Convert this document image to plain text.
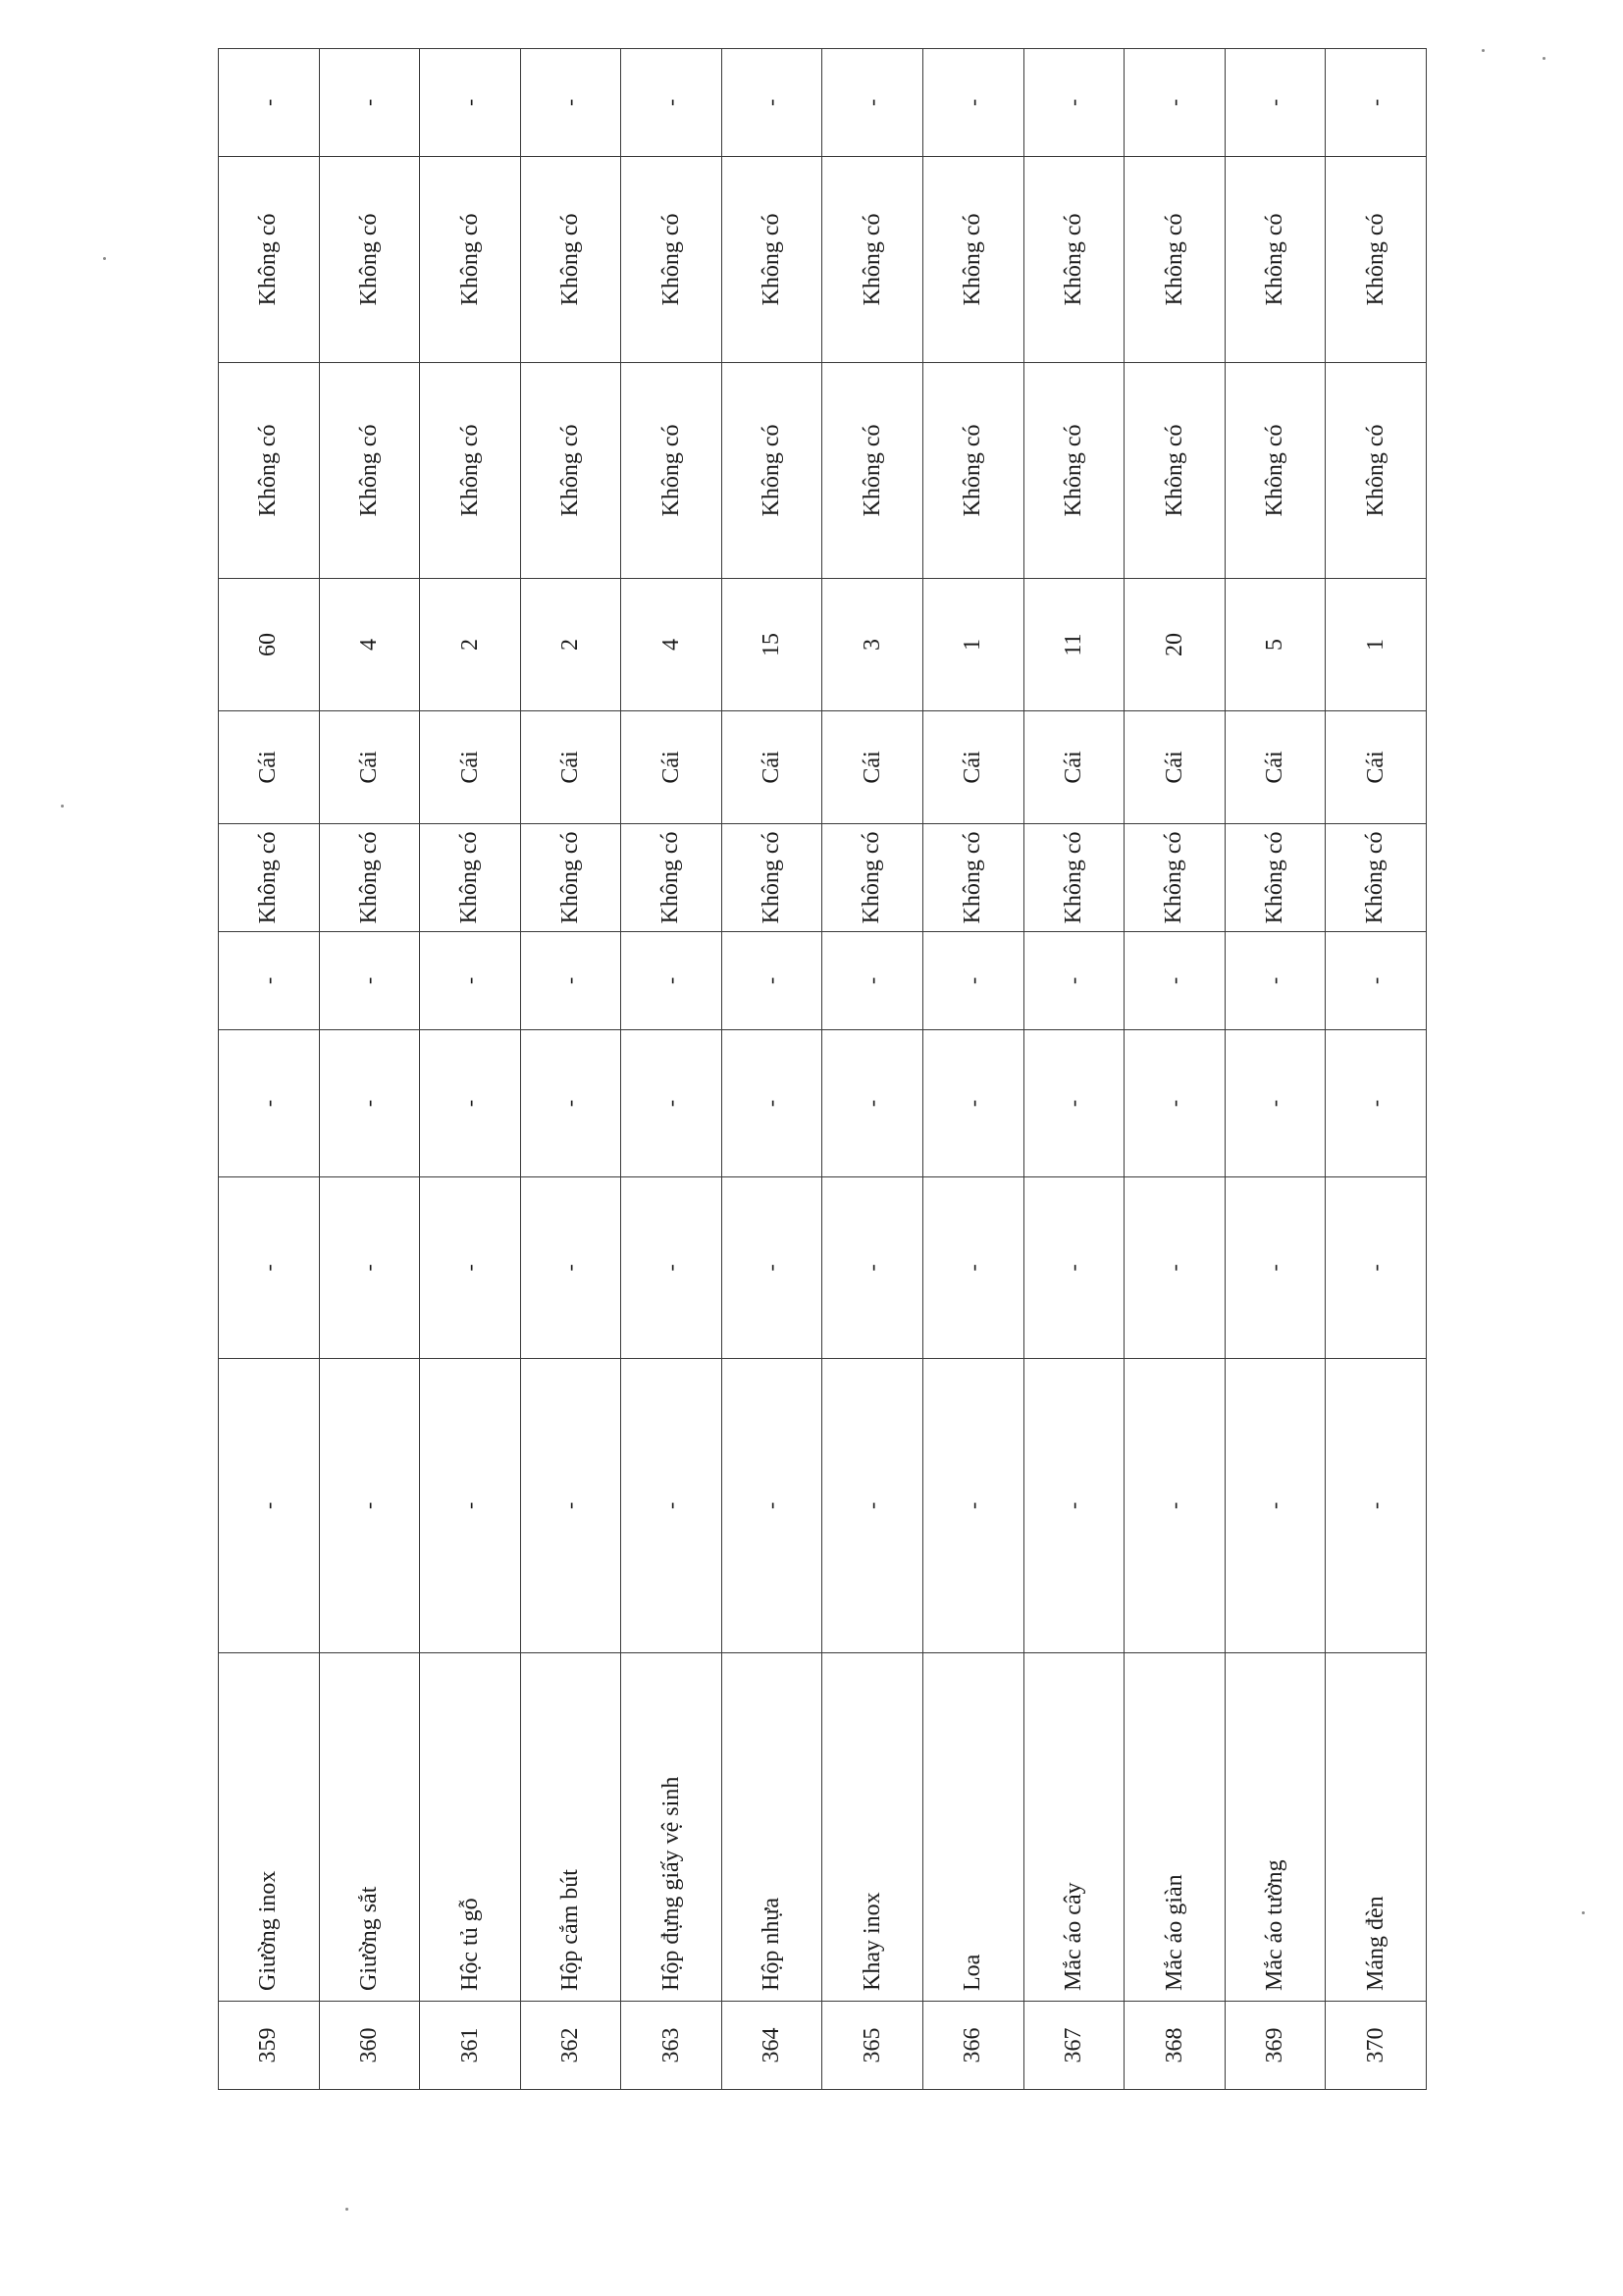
359	Giường inox	-	-	-	-	Không có	Cái	60	Không có	Không có	-
360	Giường sắt	-	-	-	-	Không có	Cái	4	Không có	Không có	-
361	Hộc tủ gỗ	-	-	-	-	Không có	Cái	2	Không có	Không có	-
362	Hộp cắm bút	-	-	-	-	Không có	Cái	2	Không có	Không có	-
363	Hộp đựng giấy vệ sinh	-	-	-	-	Không có	Cái	4	Không có	Không có	-
364	Hộp nhựa	-	-	-	-	Không có	Cái	15	Không có	Không có	-
365	Khay inox	-	-	-	-	Không có	Cái	3	Không có	Không có	-
366	Loa	-	-	-	-	Không có	Cái	1	Không có	Không có	-
367	Mắc áo cây	-	-	-	-	Không có	Cái	11	Không có	Không có	-
368	Mắc áo giàn	-	-	-	-	Không có	Cái	20	Không có	Không có	-
369	Mắc áo tường	-	-	-	-	Không có	Cái	5	Không có	Không có	-
370	Máng đèn	-	-	-	-	Không có	Cái	1	Không có	Không có	-
